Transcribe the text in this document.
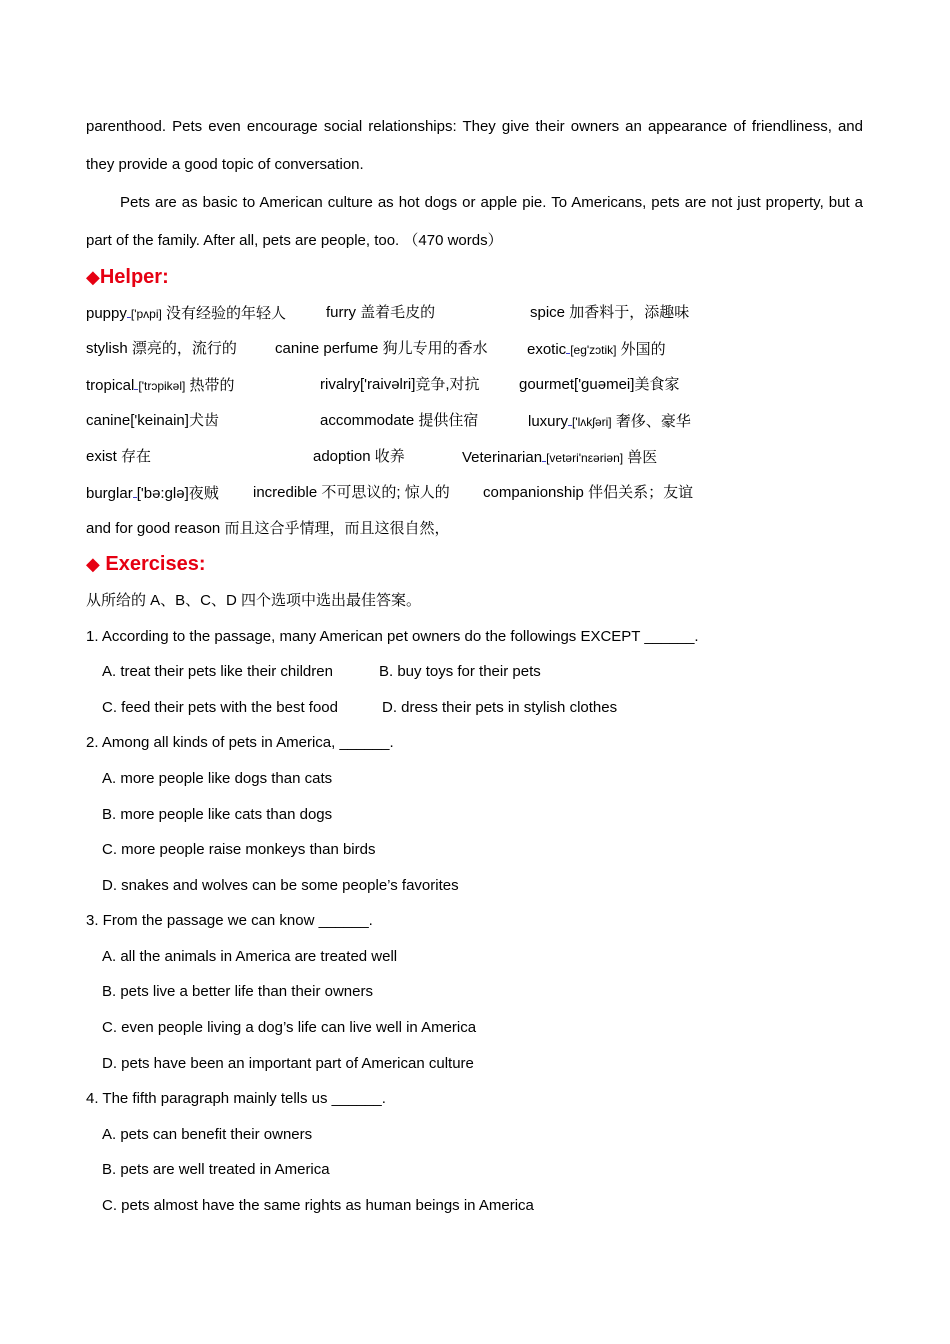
parenthood. Pets even encourage social relationships: They give their owners an appearance of friendliness, and
they provide a good topic of conversation.
Pets are as basic to American culture as hot dogs or apple pie. To Americans, pets are not just property, but a
part of the family. After all, pets are people, too. （470 words）
◆Helper:
puppy ['pʌpi] 没有经验的年轻人	furry 盖着毛皮的	spice 加香料于，添趣味
stylish 漂亮的，流行的	canine perfume 狗儿专用的香水	exotic [eg'zɔtik] 外国的
tropical ['trɔpikəl] 热带的	rivalry['raivəlri]竞争,对抗	gourmet['guəmei]美食家
canine['keinain]犬齿	accommodate 提供住宿	luxury ['lʌkʃəri] 奢侈、豪华
exist 存在	adoption 收养	Veterinarian [vetəri'nεəriən] 兽医
burglar ['bə:glə]夜贼 incredible 不可思议的; 惊人的 companionship 伴侣关系；友谊
and for good reason 而且这合乎情理，而且这很自然，
◆ Exercises:
从所给的 A、B、C、D 四个选项中选出最佳答案。
1. According to the passage, many American pet owners do the followings EXCEPT ______.
A. treat their pets like their children	B. buy toys for their pets
C. feed their pets with the best food	D. dress their pets in stylish clothes
2. Among all kinds of pets in America, ______.
A. more people like dogs than cats
B. more people like cats than dogs
C. more people raise monkeys than birds
D. snakes and wolves can be some people’s favorites
3. From the passage we can know ______.
A. all the animals in America are treated well
B. pets live a better life than their owners
C. even people living a dog’s life can live well in America
D. pets have been an important part of American culture
4. The fifth paragraph mainly tells us ______.
A. pets can benefit their owners
B. pets are well treated in America
C. pets almost have the same rights as human beings in America
